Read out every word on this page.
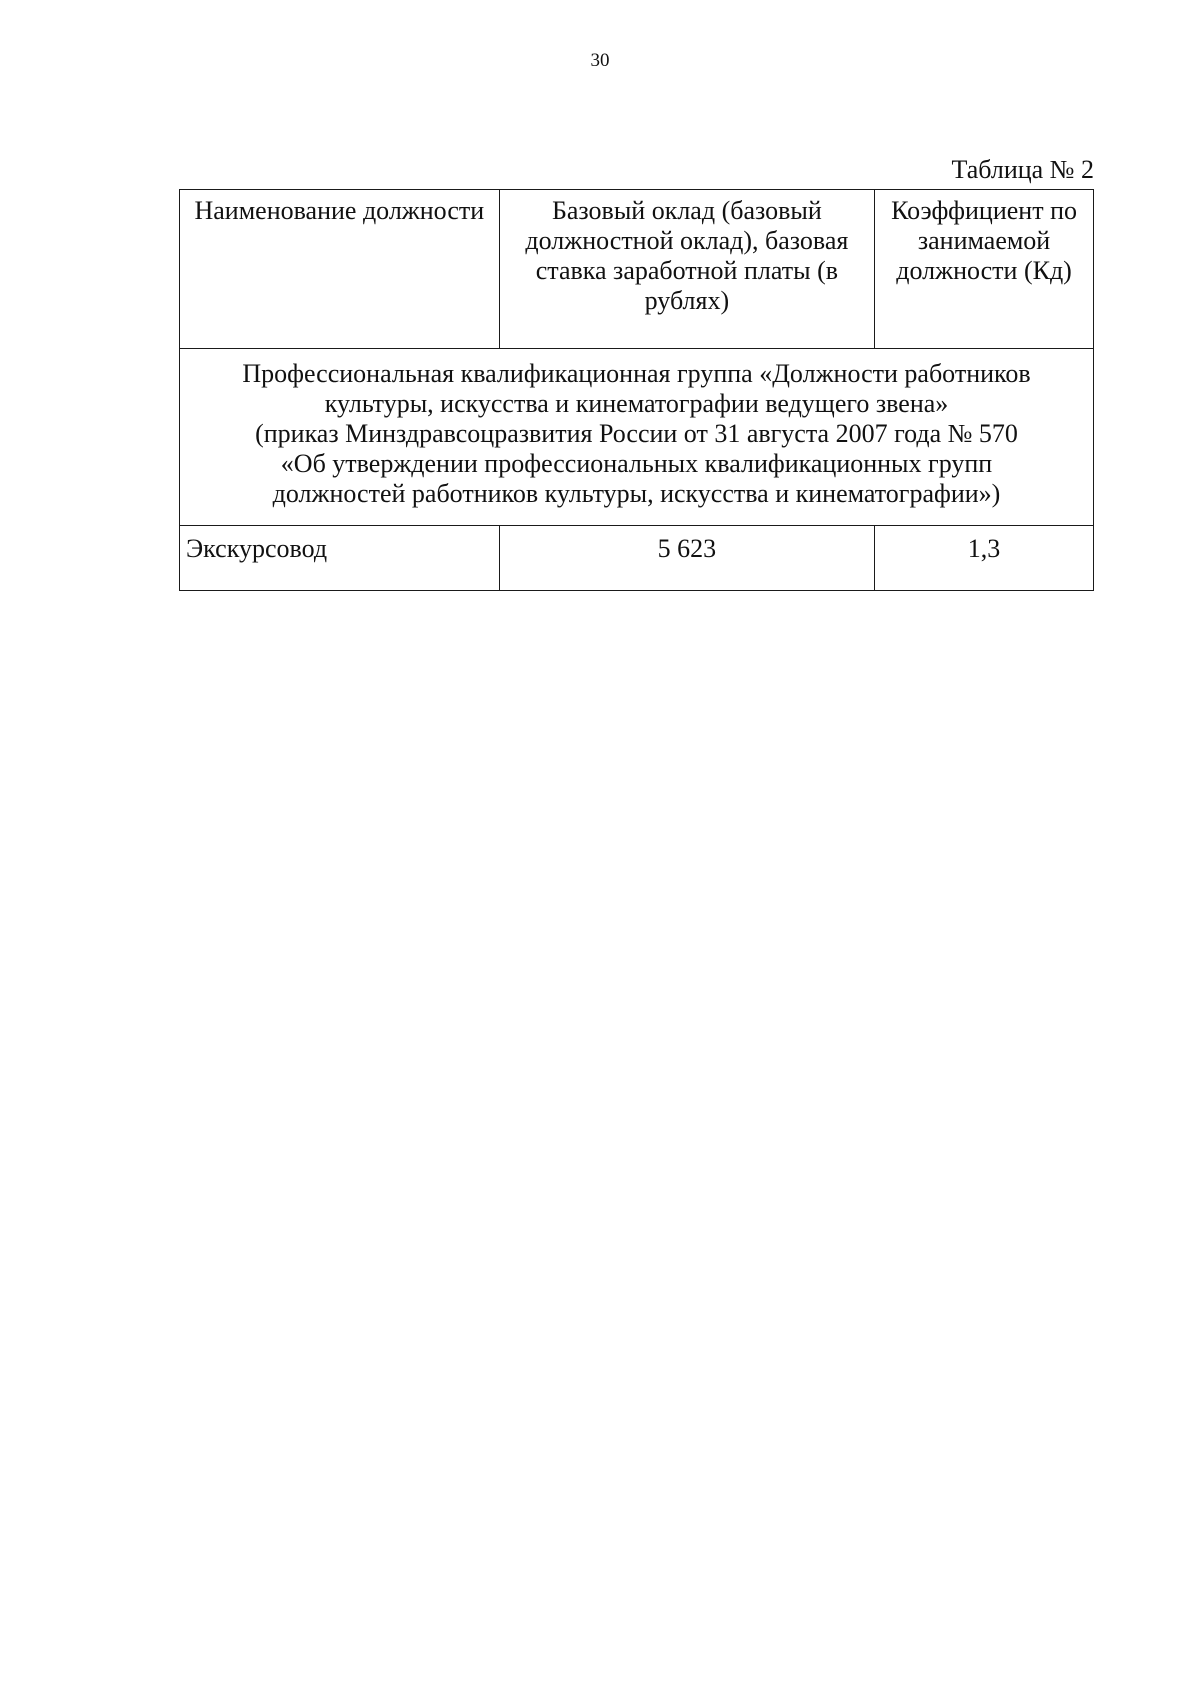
30
Таблица № 2
Наименование должности	Базовый оклад (базовый должностной оклад), базовая ставка заработной платы (в рублях)	Коэффициент по занимаемой должности (Кд)

Профессиональная квалификационная группа «Должности работников
культуры, искусства и кинематографии ведущего звена»
(приказ Минздравсоцразвития России от 31 августа 2007 года № 570
«Об утверждении профессиональных квалификационных групп
должностей работников культуры, искусства и кинематографии»)		

Экскурсовод	5 623	1,3
